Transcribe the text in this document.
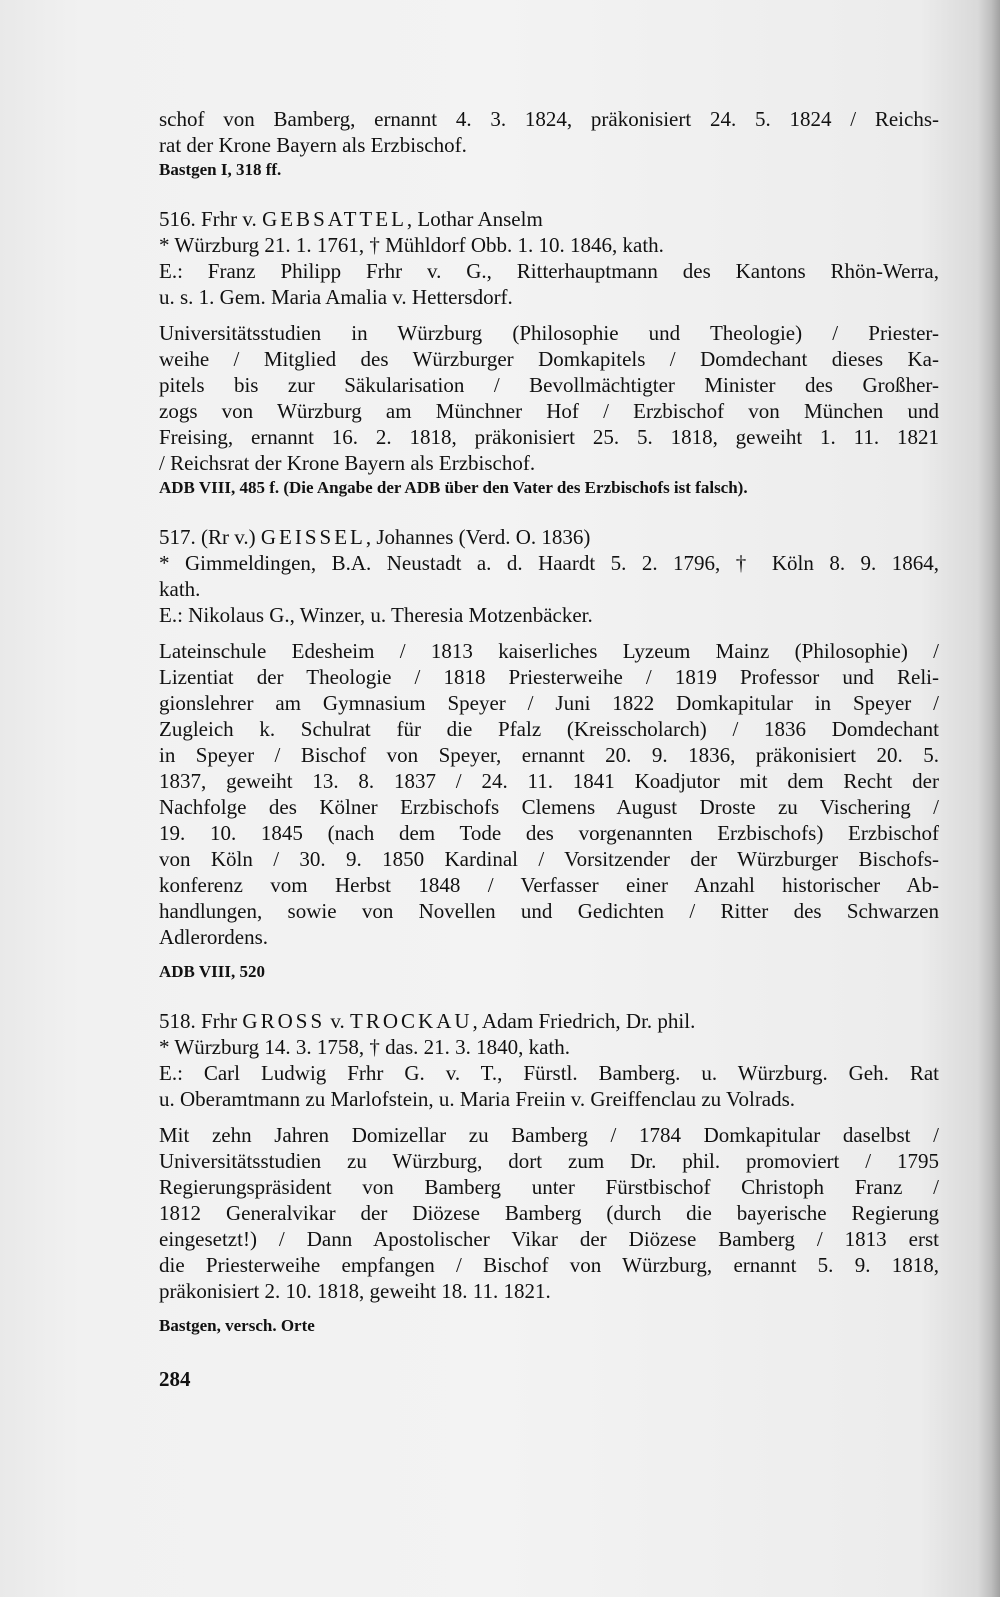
schof von Bamberg, ernannt 4. 3. 1824, präkonisiert 24. 5. 1824 / Reichs-
rat der Krone Bayern als Erzbischof.
Bastgen I, 318 ff.
516. Frhr v. GEBSATTEL, Lothar Anselm
* Würzburg 21. 1. 1761, † Mühldorf Obb. 1. 10. 1846, kath.
E.: Franz Philipp Frhr v. G., Ritterhauptmann des Kantons Rhön-Werra,
u. s. 1. Gem. Maria Amalia v. Hettersdorf.
Universitätsstudien in Würzburg (Philosophie und Theologie) / Priester-
weihe / Mitglied des Würzburger Domkapitels / Domdechant dieses Ka-
pitels bis zur Säkularisation / Bevollmächtigter Minister des Großher-
zogs von Würzburg am Münchner Hof / Erzbischof von München und
Freising, ernannt 16. 2. 1818, präkonisiert 25. 5. 1818, geweiht 1. 11. 1821
/ Reichsrat der Krone Bayern als Erzbischof.
ADB VIII, 485 f. (Die Angabe der ADB über den Vater des Erzbischofs ist falsch).
517. (Rr v.) GEISSEL, Johannes (Verd. O. 1836)
* Gimmeldingen, B.A. Neustadt a. d. Haardt 5. 2. 1796, † Köln 8. 9. 1864,
kath.
E.: Nikolaus G., Winzer, u. Theresia Motzenbäcker.
Lateinschule Edesheim / 1813 kaiserliches Lyzeum Mainz (Philosophie) /
Lizentiat der Theologie / 1818 Priesterweihe / 1819 Professor und Reli-
gionslehrer am Gymnasium Speyer / Juni 1822 Domkapitular in Speyer /
Zugleich k. Schulrat für die Pfalz (Kreisscholarch) / 1836 Domdechant
in Speyer / Bischof von Speyer, ernannt 20. 9. 1836, präkonisiert 20. 5.
1837, geweiht 13. 8. 1837 / 24. 11. 1841 Koadjutor mit dem Recht der
Nachfolge des Kölner Erzbischofs Clemens August Droste zu Vischering /
19. 10. 1845 (nach dem Tode des vorgenannten Erzbischofs) Erzbischof
von Köln / 30. 9. 1850 Kardinal / Vorsitzender der Würzburger Bischofs-
konferenz vom Herbst 1848 / Verfasser einer Anzahl historischer Ab-
handlungen, sowie von Novellen und Gedichten / Ritter des Schwarzen
Adlerordens.
ADB VIII, 520
518. Frhr GROSS v. TROCKAU, Adam Friedrich, Dr. phil.
* Würzburg 14. 3. 1758, † das. 21. 3. 1840, kath.
E.: Carl Ludwig Frhr G. v. T., Fürstl. Bamberg. u. Würzburg. Geh. Rat
u. Oberamtmann zu Marlofstein, u. Maria Freiin v. Greiffenclau zu Volrads.
Mit zehn Jahren Domizellar zu Bamberg / 1784 Domkapitular daselbst /
Universitätsstudien zu Würzburg, dort zum Dr. phil. promoviert / 1795
Regierungspräsident von Bamberg unter Fürstbischof Christoph Franz /
1812 Generalvikar der Diözese Bamberg (durch die bayerische Regierung
eingesetzt!) / Dann Apostolischer Vikar der Diözese Bamberg / 1813 erst
die Priesterweihe empfangen / Bischof von Würzburg, ernannt 5. 9. 1818,
präkonisiert 2. 10. 1818, geweiht 18. 11. 1821.
Bastgen, versch. Orte
284
